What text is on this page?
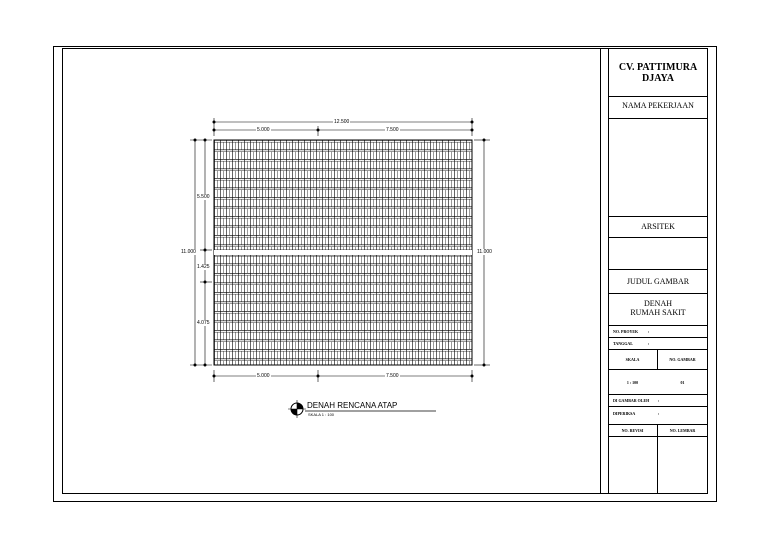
12.500
5.000	7.500
5.000	7.500
11.000	11.000
5.500
1.425
4.075
DENAH RENCANA ATAP
SKALA 1 : 100
CV. PATTIMURA
DJAYA
NAMA PEKERJAAN
ARSITEK
JUDUL GAMBAR
DENAH
RUMAH SAKIT
NO. PROYEK :
TANGGAL	:
SKALA	NO. GAMBAR
1 : 100	01
DI GAMBAR OLEH :
DIPERIKSA	:
NO. REVISI	NO. LEMBAR
